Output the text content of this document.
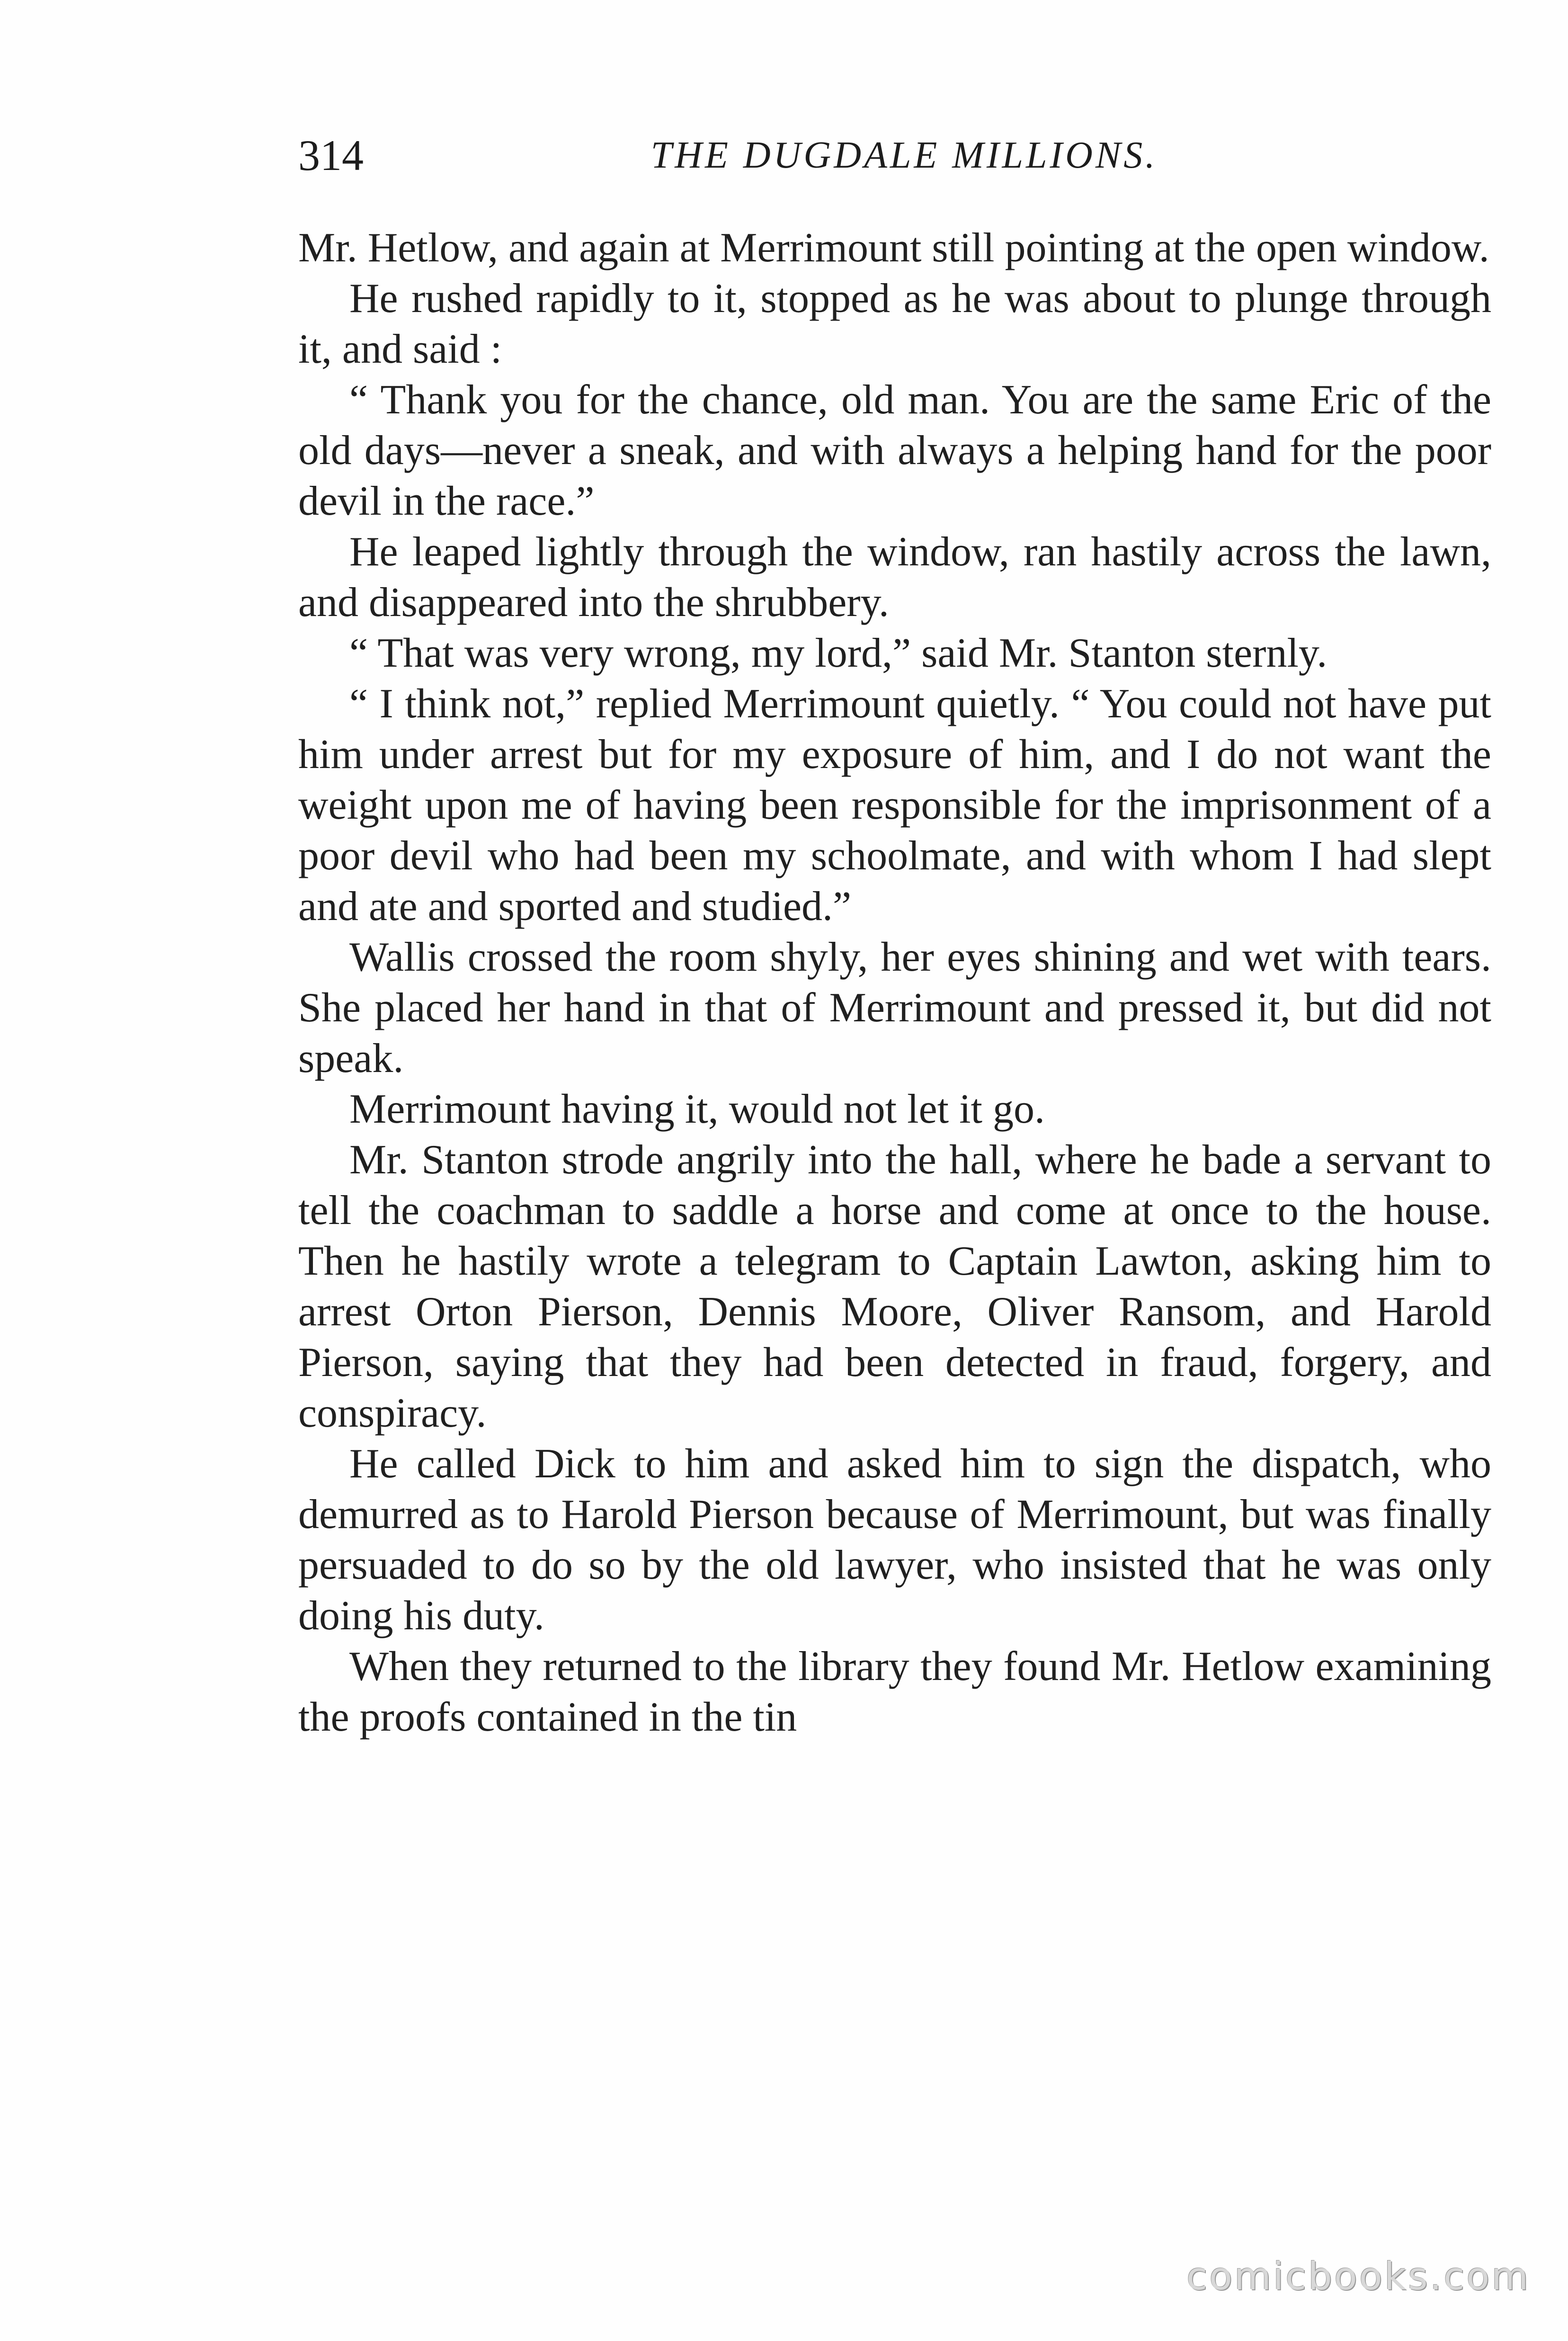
314	THE DUGDALE MILLIONS.

Mr. Hetlow, and again at Merrimount still pointing at the open window.

He rushed rapidly to it, stopped as he was about to plunge through it, and said :

“ Thank you for the chance, old man. You are the same Eric of the old days—never a sneak, and with always a helping hand for the poor devil in the race.”

He leaped lightly through the window, ran hastily across the lawn, and disappeared into the shrubbery.

“ That was very wrong, my lord,” said Mr. Stanton sternly.

“ I think not,” replied Merrimount quietly. “ You could not have put him under arrest but for my exposure of him, and I do not want the weight upon me of having been responsible for the imprisonment of a poor devil who had been my schoolmate, and with whom I had slept and ate and sported and studied.”

Wallis crossed the room shyly, her eyes shining and wet with tears. She placed her hand in that of Merrimount and pressed it, but did not speak.

Merrimount having it, would not let it go.

Mr. Stanton strode angrily into the hall, where he bade a servant to tell the coachman to saddle a horse and come at once to the house. Then he hastily wrote a telegram to Captain Lawton, asking him to arrest Orton Pierson, Dennis Moore, Oliver Ransom, and Harold Pierson, saying that they had been detected in fraud, forgery, and conspiracy.

He called Dick to him and asked him to sign the dispatch, who demurred as to Harold Pierson because of Merrimount, but was finally persuaded to do so by the old lawyer, who insisted that he was only doing his duty.

When they returned to the library they found Mr. Hetlow examining the proofs contained in the tin

comicbooks.com
